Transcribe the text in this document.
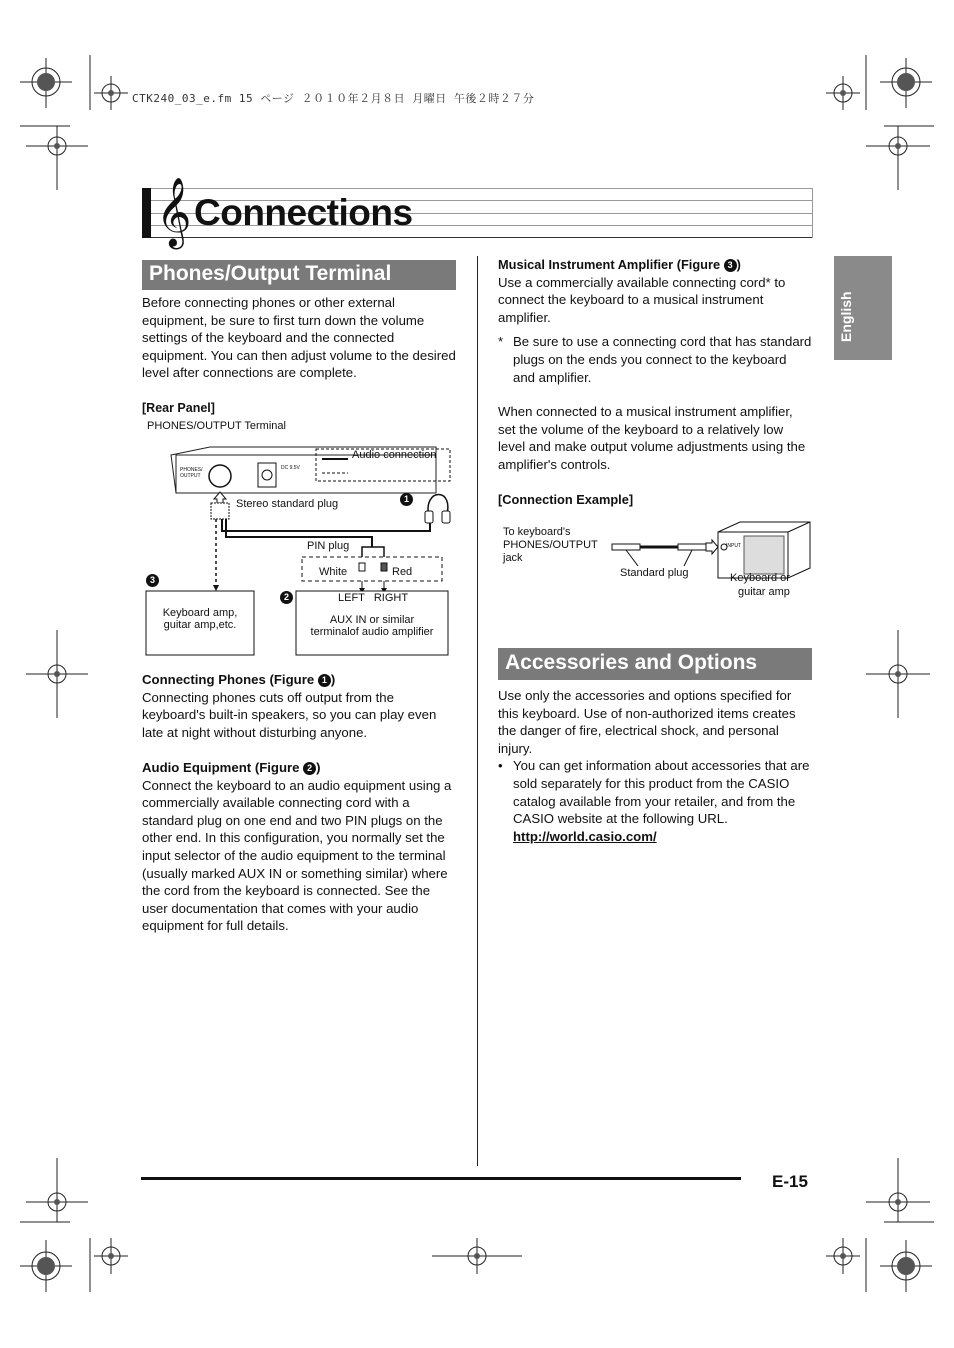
CTK240_03_e.fm 15 ページ ２０１０年２月８日 月曜日 午後２時２７分
𝄞 Connections
English
Phones/Output Terminal
Before connecting phones or other external equipment, be sure to first turn down the volume settings of the keyboard and the connected equipment. You can then adjust volume to the desired level after connections are complete.
[Rear Panel]
PHONES/OUTPUT Terminal
PHONES/
OUTPUT
DC 9.5V
Audio connection
Stereo standard plug
PIN plug
White	Red
LEFT   RIGHT
Keyboard amp,
guitar amp,etc.	AUX IN or similar
terminalof audio amplifier
1
2
3
Connecting Phones (Figure 1 )
Connecting phones cuts off output from the keyboard's built-in speakers, so you can play even late at night without disturbing anyone.
Audio Equipment (Figure 2 )
Connect the keyboard to an audio equipment using a commercially available connecting cord with a standard plug on one end and two PIN plugs on the other end. In this configuration, you normally set the input selector of the audio equipment to the terminal (usually marked AUX IN or something similar) where the cord from the keyboard is connected. See the user documentation that comes with your audio equipment for full details.
Musical Instrument Amplifier (Figure 3 )
Use a commercially available connecting cord* to connect the keyboard to a musical instrument amplifier.
* Be sure to use a connecting cord that has standard plugs on the ends you connect to the keyboard and amplifier.
When connected to a musical instrument amplifier, set the volume of the keyboard to a relatively low level and make output volume adjustments using the amplifier's controls.
[Connection Example]
To keyboard's
PHONES/OUTPUT
jack
Standard plug	Keyboard or
guitar amp
INPUT
Accessories and Options
Use only the accessories and options specified for this keyboard. Use of non-authorized items creates the danger of fire, electrical shock, and personal injury.
• You can get information about accessories that are sold separately for this product from the CASIO catalog available from your retailer, and from the CASIO website at the following URL.
http://world.casio.com/
E-15
